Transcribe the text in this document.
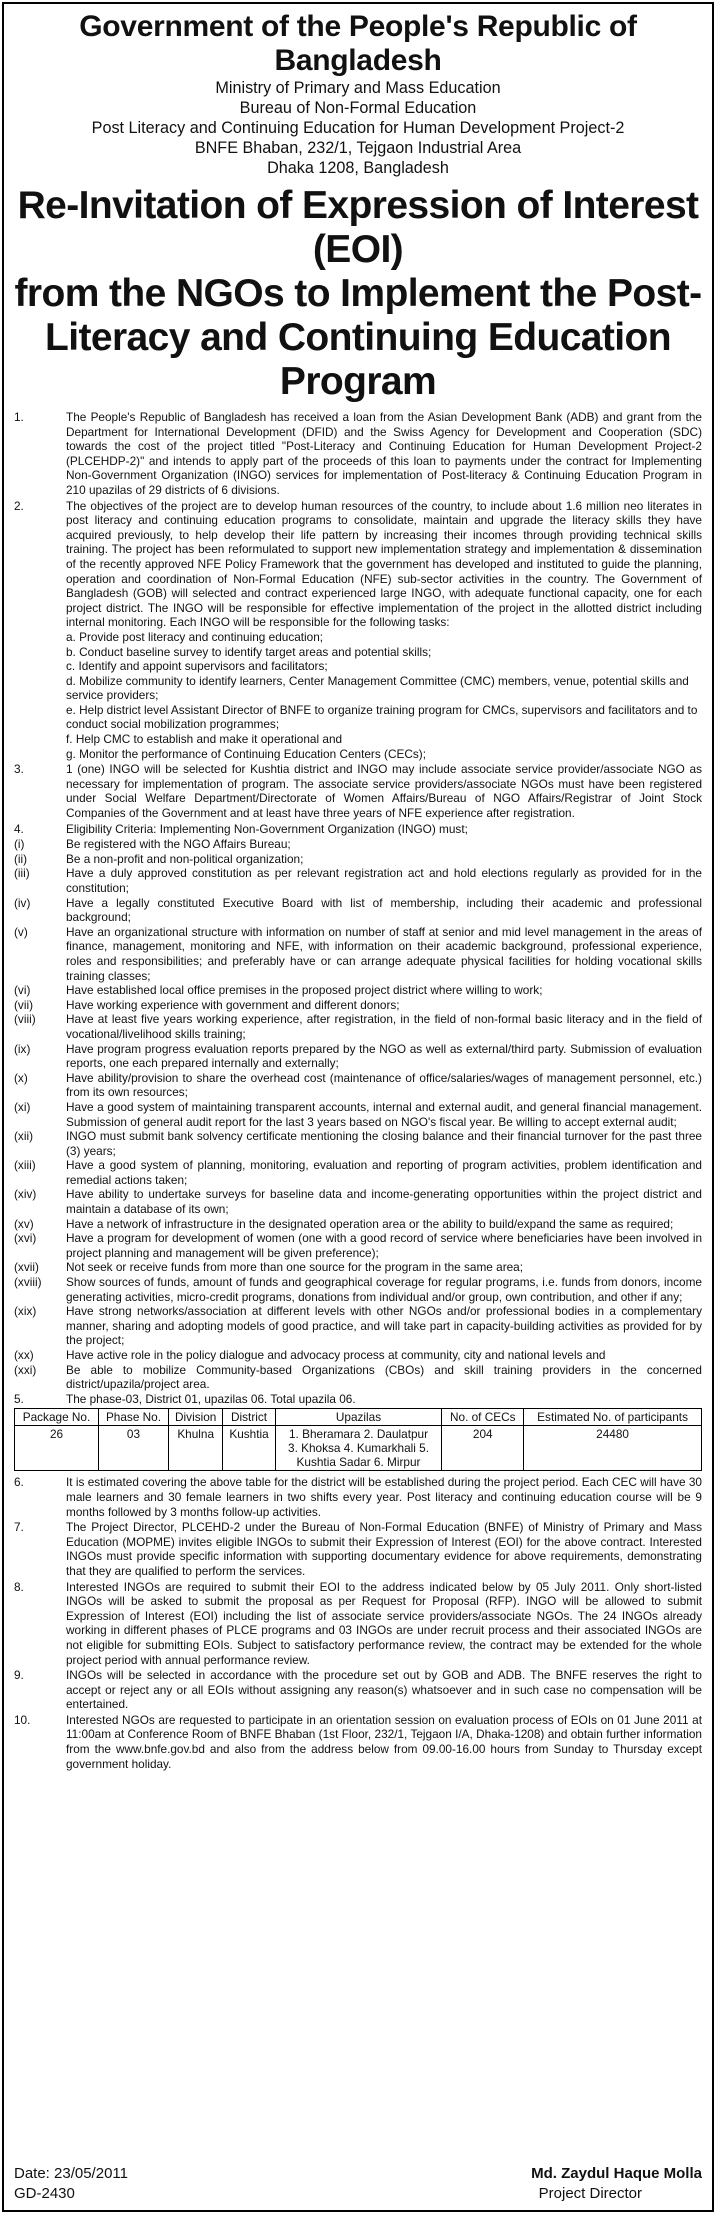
Government of the People's Republic of Bangladesh
Ministry of Primary and Mass Education
Bureau of Non-Formal Education
Post Literacy and Continuing Education for Human Development Project-2
BNFE Bhaban, 232/1, Tejgaon Industrial Area
Dhaka 1208, Bangladesh
Re-Invitation of Expression of Interest (EOI)
from the NGOs to Implement the Post-
Literacy and Continuing Education Program
1.	The People's Republic of Bangladesh has received a loan from the Asian Development Bank (ADB) and grant from the Department for International Development (DFID) and the Swiss Agency for Development and Cooperation (SDC) towards the cost of the project titled "Post-Literacy and Continuing Education for Human Development Project-2 (PLCEHDP-2)" and intends to apply part of the proceeds of this loan to payments under the contract for Implementing Non-Government Organization (INGO) services for implementation of Post-literacy & Continuing Education Program in 210 upazilas of 29 districts of 6 divisions.
2.	The objectives of the project are to develop human resources of the country, to include about 1.6 million neo literates in post literacy and continuing education programs to consolidate, maintain and upgrade the literacy skills they have acquired previously, to help develop their life pattern by increasing their incomes through providing technical skills training. The project has been reformulated to support new implementation strategy and implementation & dissemination of the recently approved NFE Policy Framework that the government has developed and instituted to guide the planning, operation and coordination of Non-Formal Education (NFE) sub-sector activities in the country. The Government of Bangladesh (GOB) will selected and contract experienced large INGO, with adequate functional capacity, one for each project district. The INGO will be responsible for effective implementation of the project in the allotted district including internal monitoring. Each INGO will be responsible for the following tasks:
a. Provide post literacy and continuing education;
b. Conduct baseline survey to identify target areas and potential skills;
c. Identify and appoint supervisors and facilitators;
d. Mobilize community to identify learners, Center Management Committee (CMC) members, venue, potential skills and service providers;
e. Help district level Assistant Director of BNFE to organize training program for CMCs, supervisors and facilitators and to conduct social mobilization programmes;
f. Help CMC to establish and make it operational and
g. Monitor the performance of Continuing Education Centers (CECs);
3.	1 (one) INGO will be selected for Kushtia district and INGO may include associate service provider/associate NGO as necessary for implementation of program. The associate service providers/associate NGOs must have been registered under Social Welfare Department/Directorate of Women Affairs/Bureau of NGO Affairs/Registrar of Joint Stock Companies of the Government and at least have three years of NFE experience after registration.
4.	Eligibility Criteria: Implementing Non-Government Organization (INGO) must;
(i)	Be registered with the NGO Affairs Bureau;
(ii)	Be a non-profit and non-political organization;
(iii)	Have a duly approved constitution as per relevant registration act and hold elections regularly as provided for in the constitution;
(iv)	Have a legally constituted Executive Board with list of membership, including their academic and professional background;
(v)	Have an organizational structure with information on number of staff at senior and mid level management in the areas of finance, management, monitoring and NFE, with information on their academic background, professional experience, roles and responsibilities; and preferably have or can arrange adequate physical facilities for holding vocational skills training classes;
(vi)	Have established local office premises in the proposed project district where willing to work;
(vii)	Have working experience with government and different donors;
(viii)	Have at least five years working experience, after registration, in the field of non-formal basic literacy and in the field of vocational/livelihood skills training;
(ix)	Have program progress evaluation reports prepared by the NGO as well as external/third party. Submission of evaluation reports, one each prepared internally and externally;
(x)	Have ability/provision to share the overhead cost (maintenance of office/salaries/wages of management personnel, etc.) from its own resources;
(xi)	Have a good system of maintaining transparent accounts, internal and external audit, and general financial management. Submission of general audit report for the last 3 years based on NGO's fiscal year. Be willing to accept external audit;
(xii)	INGO must submit bank solvency certificate mentioning the closing balance and their financial turnover for the past three (3) years;
(xiii)	Have a good system of planning, monitoring, evaluation and reporting of program activities, problem identification and remedial actions taken;
(xiv)	Have ability to undertake surveys for baseline data and income-generating opportunities within the project district and maintain a database of its own;
(xv)	Have a network of infrastructure in the designated operation area or the ability to build/expand the same as required;
(xvi)	Have a program for development of women (one with a good record of service where beneficiaries have been involved in project planning and management will be given preference);
(xvii)	Not seek or receive funds from more than one source for the program in the same area;
(xviii)	Show sources of funds, amount of funds and geographical coverage for regular programs, i.e. funds from donors, income generating activities, micro-credit programs, donations from individual and/or group, own contribution, and other if any;
(xix)	Have strong networks/association at different levels with other NGOs and/or professional bodies in a complementary manner, sharing and adopting models of good practice, and will take part in capacity-building activities as provided for by the project;
(xx)	Have active role in the policy dialogue and advocacy process at community, city and national levels and
(xxi)	Be able to mobilize Community-based Organizations (CBOs) and skill training providers in the concerned district/upazila/project area.
5.	The phase-03, District 01, upazilas 06. Total upazila 06.
Package No.	Phase No.	Division	District	Upazilas	No. of CECs	Estimated No. of participants
26	03	Khulna	Kushtia	1. Bheramara 2. Daulatpur
3. Khoksa 4. Kumarkhali 5.
Kushtia Sadar 6. Mirpur	204	24480
6.	It is estimated covering the above table for the district will be established during the project period. Each CEC will have 30 male learners and 30 female learners in two shifts every year. Post literacy and continuing education course will be 9 months followed by 3 months follow-up activities.
7.	The Project Director, PLCEHD-2 under the Bureau of Non-Formal Education (BNFE) of Ministry of Primary and Mass Education (MOPME) invites eligible INGOs to submit their Expression of Interest (EOI) for the above contract. Interested INGOs must provide specific information with supporting documentary evidence for above requirements, demonstrating that they are qualified to perform the services.
8.	Interested INGOs are required to submit their EOI to the address indicated below by 05 July 2011. Only short-listed INGOs will be asked to submit the proposal as per Request for Proposal (RFP). INGO will be allowed to submit Expression of Interest (EOI) including the list of associate service providers/associate NGOs. The 24 INGOs already working in different phases of PLCE programs and 03 INGOs are under recruit process and their associated INGOs are not eligible for submitting EOIs. Subject to satisfactory performance review, the contract may be extended for the whole project period with annual performance review.
9.	INGOs will be selected in accordance with the procedure set out by GOB and ADB. The BNFE reserves the right to accept or reject any or all EOIs without assigning any reason(s) whatsoever and in such case no compensation will be entertained.
10.	Interested NGOs are requested to participate in an orientation session on evaluation process of EOIs on 01 June 2011 at 11:00am at Conference Room of BNFE Bhaban (1st Floor, 232/1, Tejgaon I/A, Dhaka-1208) and obtain further information from the www.bnfe.gov.bd and also from the address below from 09.00-16.00 hours from Sunday to Thursday except government holiday.
Date: 23/05/2011	Md. Zaydul Haque Molla
GD-2430	Project Director
